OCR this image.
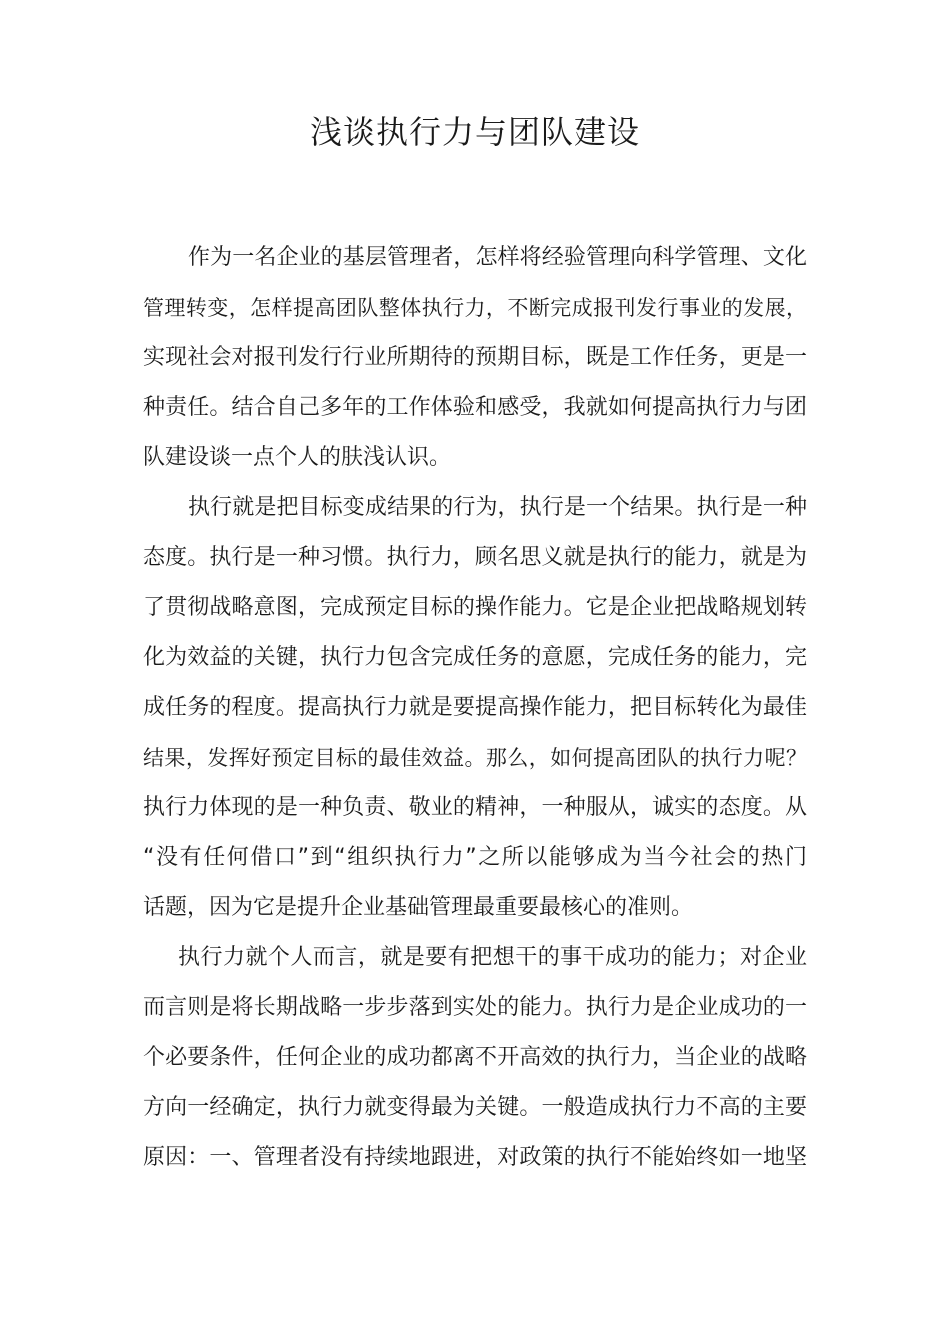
浅谈执行力与团队建设
作为一名企业的基层管理者，怎样将经验管理向科学管理、文化
管理转变，怎样提高团队整体执行力，不断完成报刊发行事业的发展，
实现社会对报刊发行行业所期待的预期目标，既是工作任务，更是一
种责任。结合自己多年的工作体验和感受，我就如何提高执行力与团
队建设谈一点个人的肤浅认识。
执行就是把目标变成结果的行为，执行是一个结果。执行是一种
态度。执行是一种习惯。执行力，顾名思义就是执行的能力，就是为
了贯彻战略意图，完成预定目标的操作能力。它是企业把战略规划转
化为效益的关键，执行力包含完成任务的意愿，完成任务的能力，完
成任务的程度。提高执行力就是要提高操作能力，把目标转化为最佳
结果，发挥好预定目标的最佳效益。那么，如何提高团队的执行力呢？
执行力体现的是一种负责、敬业的精神，一种服从，诚实的态度。从
“没有任何借口”到“组织执行力”之所以能够成为当今社会的热门
话题，因为它是提升企业基础管理最重要最核心的准则。
执行力就个人而言，就是要有把想干的事干成功的能力；对企业
而言则是将长期战略一步步落到实处的能力。执行力是企业成功的一
个必要条件，任何企业的成功都离不开高效的执行力，当企业的战略
方向一经确定，执行力就变得最为关键。一般造成执行力不高的主要
原因：一、管理者没有持续地跟进，对政策的执行不能始终如一地坚
